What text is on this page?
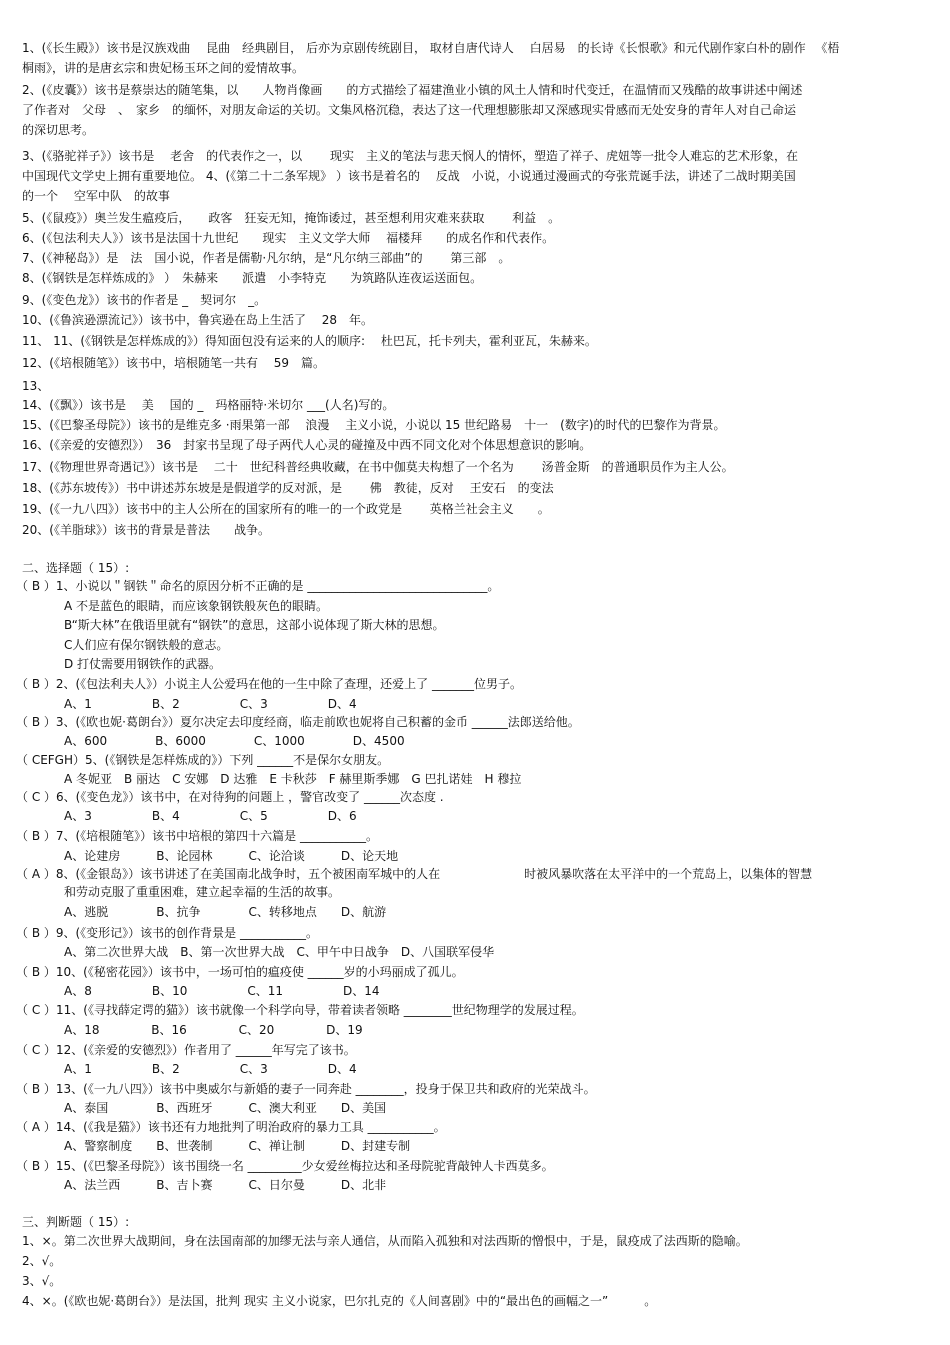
1、(《长生殿》）该书是汉族戏曲 　昆曲　经典剧目， 后亦为京剧传统剧目， 取材自唐代诗人 　白居易　的长诗《长恨歌》和元代剧作家白朴的剧作 　《梧
桐雨》，讲的是唐玄宗和贵妃杨玉环之间的爱情故事。
2、(《皮囊》）该书是蔡崇达的随笔集，以　　人物肖像画　　的方式描绘了福建渔业小镇的风土人情和时代变迁，在温情而又残酷的故事讲述中阐述
了作者对　父母　、　家乡　的缅怀，对朋友命运的关切。文集风格沉稳，表达了这一代理想膨胀却又深感现实骨感而无处安身的青年人对自己命运
的深切思考。
3、(《骆驼祥子》）该书是 　老舍　的代表作之一，以 　　现实　主义的笔法与悲天悯人的情怀，塑造了祥子、虎妞等一批令人难忘的艺术形象，在
中国现代文学史上拥有重要地位。 4、(《第二十二条军规》 ）该书是着名的 　反战　小说，小说通过漫画式的夸张荒诞手法，讲述了二战时期美国
的一个 　空军中队　的故事
5、(《鼠疫》）奥兰发生瘟疫后，　　政客　狂妄无知，掩饰诿过，甚至想利用灾难来获取 　　利益　。
6、(《包法利夫人》）该书是法国十九世纪　　现实　主义文学大师 　福楼拜　　的成名作和代表作。
7、(《神秘岛》）是　法　国小说，作者是儒勒·凡尔纳，是“凡尔纳三部曲”的 　　第三部　。
8、(《钢铁是怎样炼成的》 ）　朱赫来　　派遣　小李特克　　为筑路队连夜运送面包。
9、(《变色龙》）该书的作者是 _　契诃尔　_。
10、(《鲁滨逊漂流记》）该书中，鲁宾逊在岛上生活了 　28　年。
11、 11、(《钢铁是怎样炼成的》）得知面包没有运来的人的顺序: 　杜巴瓦，托卡列夫，霍利亚瓦，朱赫来。　
12、(《培根随笔》）该书中，培根随笔一共有 　59　篇。
13、
14、(《飘》）该书是 　美　 国的 _　玛格丽特·米切尔 ___(人名)写的。
15、(《巴黎圣母院》）该书的是维克多 ·雨果第一部 　浪漫　 主义小说，小说以 15 世纪路易　十一　(数字)的时代的巴黎作为背景。
16、(《亲爱的安德烈》）　36　封家书呈现了母子两代人心灵的碰撞及中西不同文化对个体思想意识的影响。
17、(《物理世界奇遇记》）该书是 　二十　世纪科普经典收藏，在书中伽莫夫构想了一个名为 　　汤普金斯　的普通职员作为主人公。
18、(《苏东坡传》）书中讲述苏东坡是是假道学的反对派，是 　　佛　教徒，反对 　王安石　的变法
19、(《一九八四》）该书中的主人公所在的国家所有的唯一的一个政党是 　　英格兰社会主义　　。
20、(《羊脂球》）该书的背景是普法　　战争。
二、选择题（ 15）:
（ B ）1、小说以＂钢铁＂命名的原因分析不正确的是 ______________________________。
　　　　A 不是蓝色的眼睛，而应该象钢铁般灰色的眼睛。
　　　　B“斯大林”在俄语里就有“钢铁”的意思，这部小说体现了斯大林的思想。
　　　　C人们应有保尔钢铁般的意志。
　　　　D 打仗需要用钢铁作的武器。
（ B ）2、(《包法利夫人》）小说主人公爱玛在他的一生中除了查理，还爱上了 _______位男子。
　　　　A、1　　　　　B、2　　　　　C、3　　　　　D、4
（ B ）3、(《欧也妮·葛朗台》）夏尔决定去印度经商，临走前欧也妮将自己积蓄的金币 ______法郎送给他。
　　　　A、600　　　　B、6000　　　　C、1000　　　　D、4500
（ CEFGH）5、(《钢铁是怎样炼成的》）下列 ______不是保尔女朋友。
　　　　A 冬妮亚　B 丽达　C 安娜　D 达雅　E 卡秋莎　F 赫里斯季娜　G 巴扎诺娃　H 穆拉
（ C ）6、(《变色龙》）该书中，在对待狗的问题上 ，警官改变了 ______次态度 .
　　　　A、3　　　　　B、4　　　　　C、5　　　　　D、6
（ B ）7、(《培根随笔》）该书中培根的第四十六篇是 ___________。
　　　　A、论建房　　　B、论园林　　　C、论洽谈　　　D、论天地
（ A ）8、(《金银岛》）该书讲述了在美国南北战争时，五个被困南军城中的人在　　　　　　　时被风暴吹落在太平洋中的一个荒岛上，以集体的智慧
　　　　和劳动克服了重重困难，建立起幸福的生活的故事。
　　　　A、逃脱　　　　B、抗争　　　　C、转移地点　　D、航游
（ B ）9、(《变形记》）该书的创作背景是 ___________。
　　　　A、第二次世界大战　B、第一次世界大战　C、甲午中日战争　D、八国联军侵华
（ B ）10、(《秘密花园》）该书中，一场可怕的瘟疫使 ______岁的小玛丽成了孤儿。
　　　　A、8　　　　　B、10　　　　　C、11　　　　　D、14
（ C ）11、(《寻找薛定谔的猫》）该书就像一个科学向导，带着读者领略 ________世纪物理学的发展过程。
　　　　A、18　　　　 B、16　　　　 C、20　　　　 D、19
（ C ）12、(《亲爱的安德烈》）作者用了 ______年写完了该书。
　　　　A、1　　　　　B、2　　　　　C、3　　　　　D、4
（ B ）13、(《一九八四》）该书中奥威尔与新婚的妻子一同奔赴 ________，投身于保卫共和政府的光荣战斗。
　　　　A、泰国　　　　B、西班牙　　　C、澳大利亚　　D、美国
（ A ）14、(《我是猫》）该书还有力地批判了明治政府的暴力工具 ___________。
　　　　A、警察制度　　B、世袭制　　　C、禅让制　　　D、封建专制
（ B ）15、(《巴黎圣母院》）该书围绕一名 _________少女爱丝梅拉达和圣母院驼背敲钟人卡西莫多。
　　　　A、法兰西　　　B、吉卜赛　　　C、日尔曼　　　D、北非
三、判断题（ 15）:
1、×。第二次世界大战期间，身在法国南部的加缪无法与亲人通信，从而陷入孤独和对法西斯的憎恨中，于是，鼠疫成了法西斯的隐喻。
2、√。
3、√。
4、×。(《欧也妮·葛朗台》）是法国，批判 现实 主义小说家，巴尔扎克的《人间喜剧》中的“最出色的画幅之一”　　　。
